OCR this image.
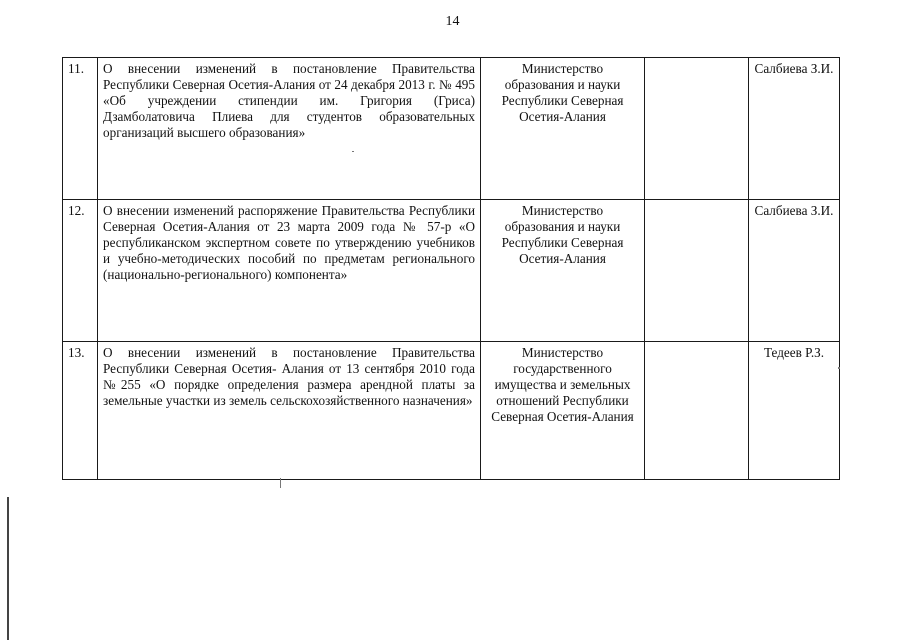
14
11.	О внесении изменений в постановление Правительства Республики Северная Осетия-Алания от 24 декабря 2013 г. № 495 «Об учреждении стипендии им. Григория (Гриса) Дзамболатовича Плиева для студентов образовательных организаций высшего образования»	Министерство образования и науки Республики Северная Осетия-Алания		Салбиева З.И.
12.	О внесении изменений распоряжение Правительства Республики Северная Осетия-Алания от 23 марта 2009 года № 57-р «О республиканском экспертном совете по утверждению учебников и учебно-методических пособий по предметам регионального (национально-регионального) компонента»	Министерство образования и науки Республики Северная Осетия-Алания		Салбиева З.И.
13.	О внесении изменений в постановление Правительства Республики Северная Осетия- Алания от 13 сентября 2010 года №255 «О порядке определения размера арендной платы за земельные участки из земель сельскохозяйственного назначения»	Министерство государственного имущества и земельных отношений Республики Северная Осетия-Алания		Тедеев Р.З.
